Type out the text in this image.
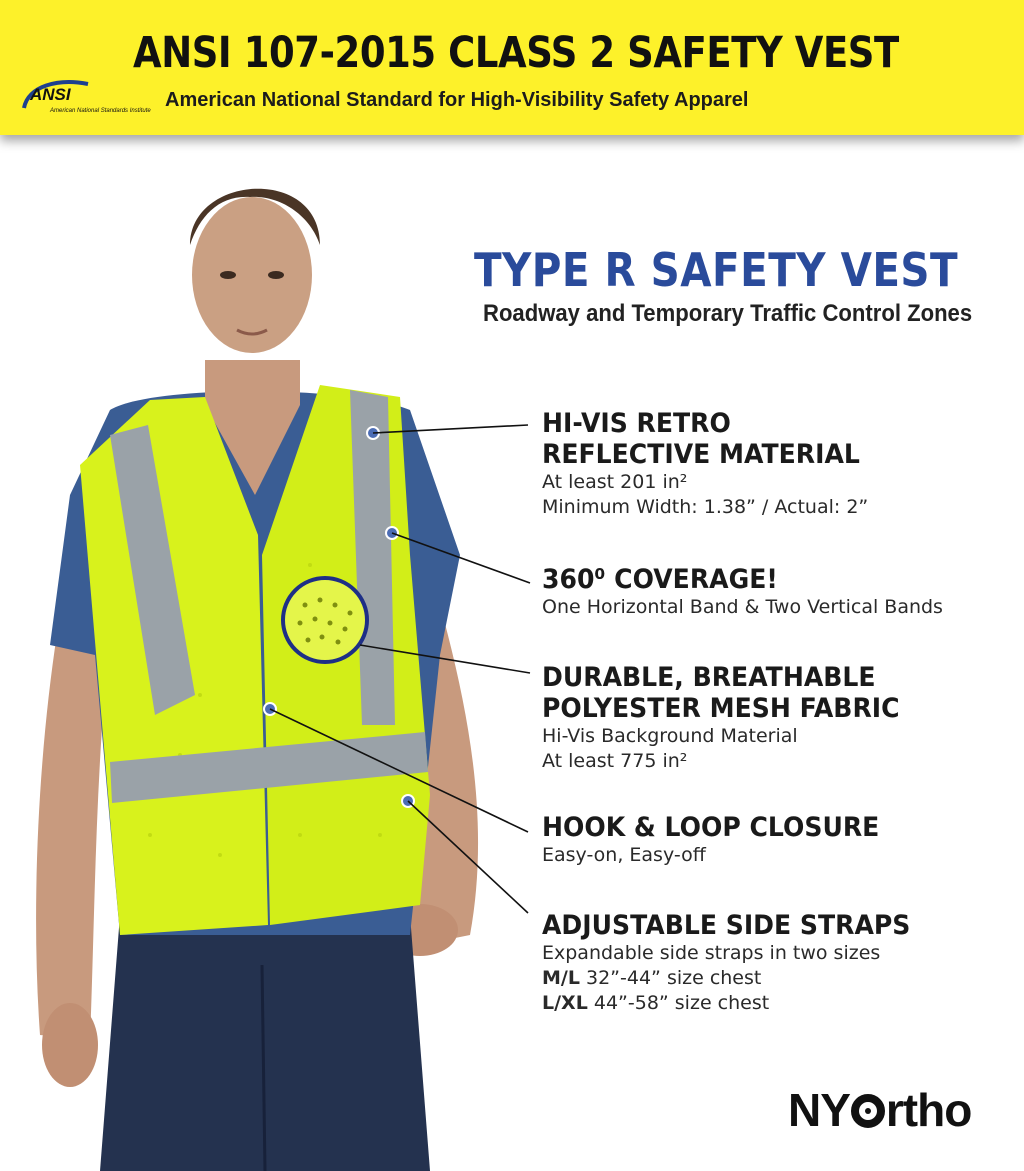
ANSI 107-2015 CLASS 2 SAFETY VEST
ANSI
American National Standards Institute American National Standard for High-Visibility Safety Apparel
TYPE R SAFETY VEST
Roadway and Temporary Traffic Control Zones
HI-VIS RETRO
REFLECTIVE MATERIAL
At least 201 in²
Minimum Width: 1.38” / Actual: 2”
360⁰ COVERAGE!
One Horizontal Band & Two Vertical Bands
DURABLE, BREATHABLE
POLYESTER MESH FABRIC
Hi-Vis Background Material
At least 775 in²
HOOK & LOOP CLOSURE
Easy-on, Easy-off
ADJUSTABLE SIDE STRAPS
Expandable side straps in two sizes
M/L 32”-44” size chest
L/XL 44”-58” size chest
NY rtho
